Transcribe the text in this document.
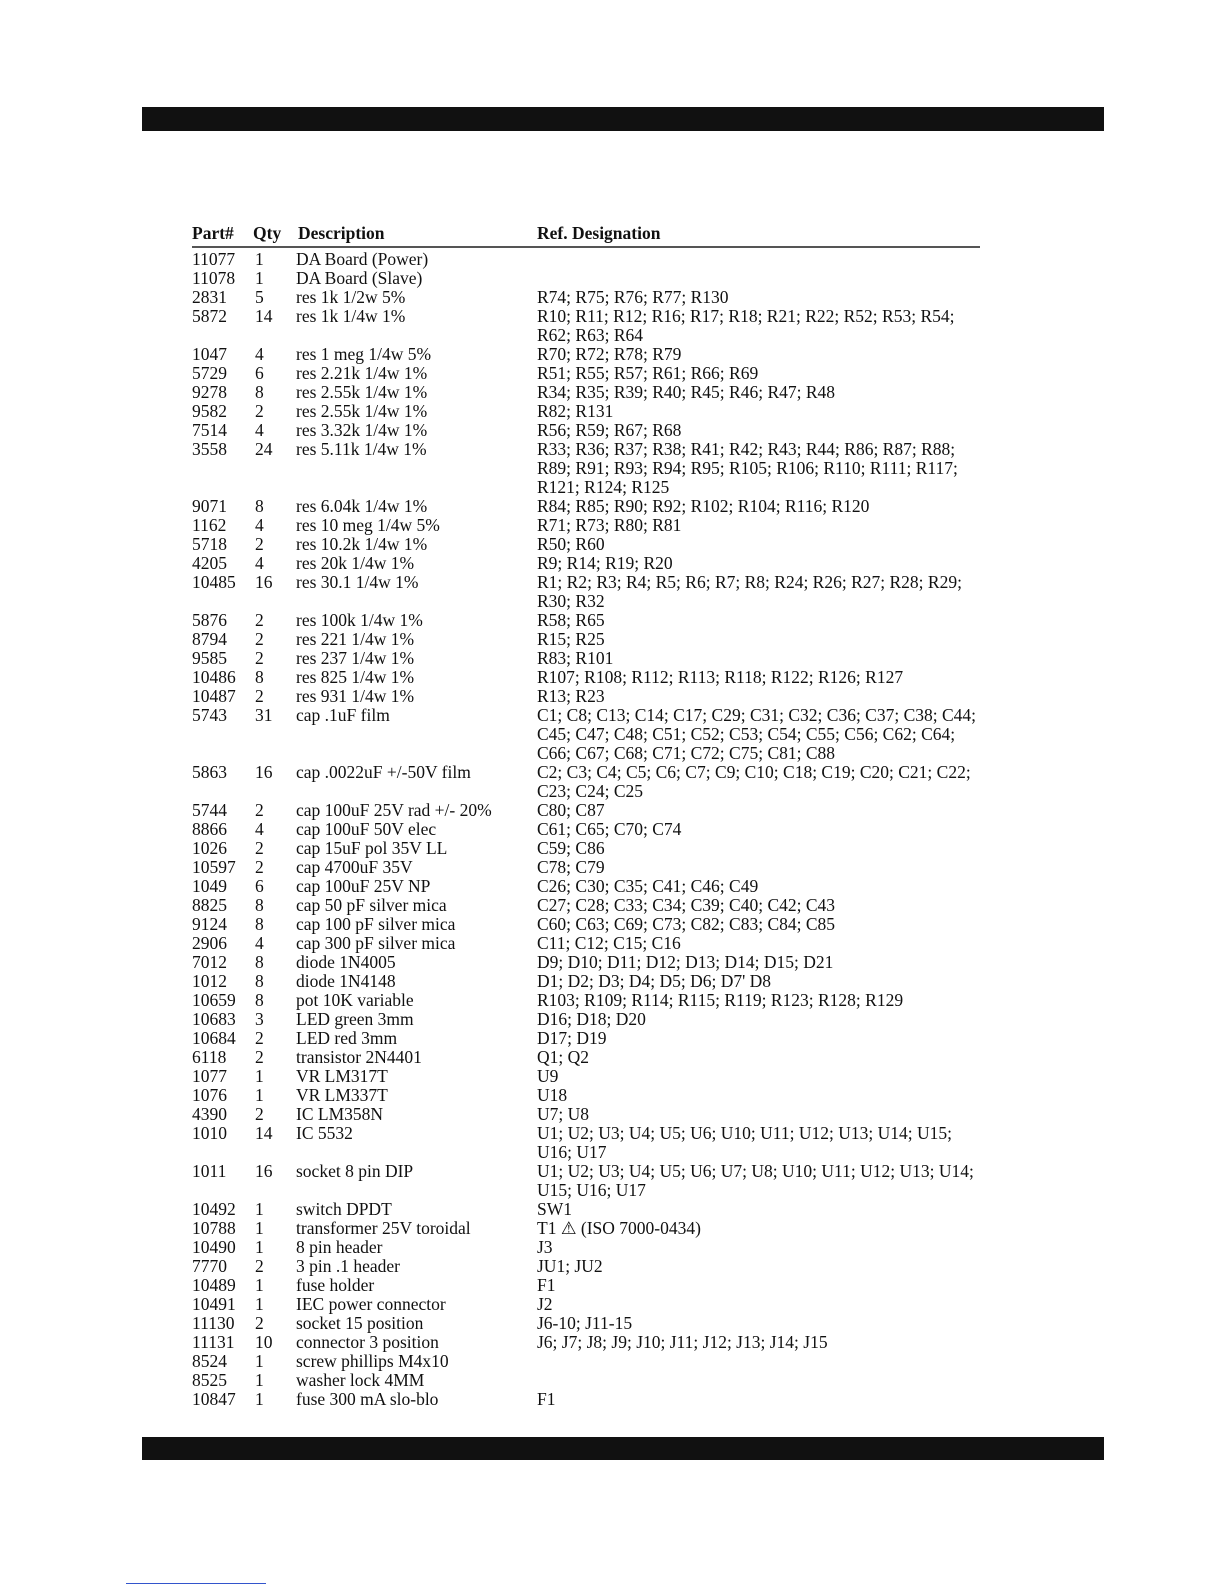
Part# Qty Description	Ref. Designation
11077 1 DA Board (Power)
11078 1 DA Board (Slave)
2831 5 res 1k 1/2w 5%	R74; R75; R76; R77; R130
5872 14 res 1k 1/4w 1%	R10; R11; R12; R16; R17; R18; R21; R22; R52; R53; R54; R62; R63; R64
1047 4 res 1 meg 1/4w 5%	R70; R72; R78; R79
5729 6 res 2.21k 1/4w 1%	R51; R55; R57; R61; R66; R69
9278 8 res 2.55k 1/4w 1%	R34; R35; R39; R40; R45; R46; R47; R48
9582 2 res 2.55k 1/4w 1%	R82; R131
7514 4 res 3.32k 1/4w 1%	R56; R59; R67; R68
3558 24 res 5.11k 1/4w 1%	R33; R36; R37; R38; R41; R42; R43; R44; R86; R87; R88; R89; R91; R93; R94; R95; R105; R106; R110; R111; R117; R121; R124; R125
9071 8 res 6.04k 1/4w 1%	R84; R85; R90; R92; R102; R104; R116; R120
1162 4 res 10 meg 1/4w 5%	R71; R73; R80; R81
5718 2 res 10.2k 1/4w 1%	R50; R60
4205 4 res 20k 1/4w 1%	R9; R14; R19; R20
10485 16 res 30.1 1/4w 1%	R1; R2; R3; R4; R5; R6; R7; R8; R24; R26; R27; R28; R29; R30; R32
5876 2 res 100k 1/4w 1%	R58; R65
8794 2 res 221 1/4w 1%	R15; R25
9585 2 res 237 1/4w 1%	R83; R101
10486 8 res 825 1/4w 1%	R107; R108; R112; R113; R118; R122; R126; R127
10487 2 res 931 1/4w 1%	R13; R23
5743 31 cap .1uF film	C1; C8; C13; C14; C17; C29; C31; C32; C36; C37; C38; C44; C45; C47; C48; C51; C52; C53; C54; C55; C56; C62; C64; C66; C67; C68; C71; C72; C75; C81; C88
5863 16 cap .0022uF +/-50V film	C2; C3; C4; C5; C6; C7; C9; C10; C18; C19; C20; C21; C22; C23; C24; C25
5744 2 cap 100uF 25V rad +/- 20%	C80; C87
8866 4 cap 100uF 50V elec	C61; C65; C70; C74
1026 2 cap 15uF pol 35V LL	C59; C86
10597 2 cap 4700uF 35V	C78; C79
1049 6 cap 100uF 25V NP	C26; C30; C35; C41; C46; C49
8825 8 cap 50 pF silver mica	C27; C28; C33; C34; C39; C40; C42; C43
9124 8 cap 100 pF silver mica	C60; C63; C69; C73; C82; C83; C84; C85
2906 4 cap 300 pF silver mica	C11; C12; C15; C16
7012 8 diode 1N4005	D9; D10; D11; D12; D13; D14; D15; D21
1012 8 diode 1N4148	D1; D2; D3; D4; D5; D6; D7' D8
10659 8 pot 10K variable	R103; R109; R114; R115; R119; R123; R128; R129
10683 3 LED green 3mm	D16; D18; D20
10684 2 LED red 3mm	D17; D19
6118 2 transistor 2N4401	Q1; Q2
1077 1 VR LM317T	U9
1076 1 VR LM337T	U18
4390 2 IC LM358N	U7; U8
1010 14 IC 5532	U1; U2; U3; U4; U5; U6; U10; U11; U12; U13; U14; U15; U16; U17
1011 16 socket 8 pin DIP	U1; U2; U3; U4; U5; U6; U7; U8; U10; U11; U12; U13; U14; U15; U16; U17
10492 1 switch DPDT	SW1
10788 1 transformer 25V toroidal	T1 ⚠ (ISO 7000-0434)
10490 1 8 pin header	J3
7770 2 3 pin .1 header	JU1; JU2
10489 1 fuse holder	F1
10491 1 IEC power connector	J2
11130 2 socket 15 position	J6-10; J11-15
11131 10 connector 3 position	J6; J7; J8; J9; J10; J11; J12; J13; J14; J15
8524 1 screw phillips M4x10
8525 1 washer lock 4MM
10847 1 fuse 300 mA slo-blo	F1
